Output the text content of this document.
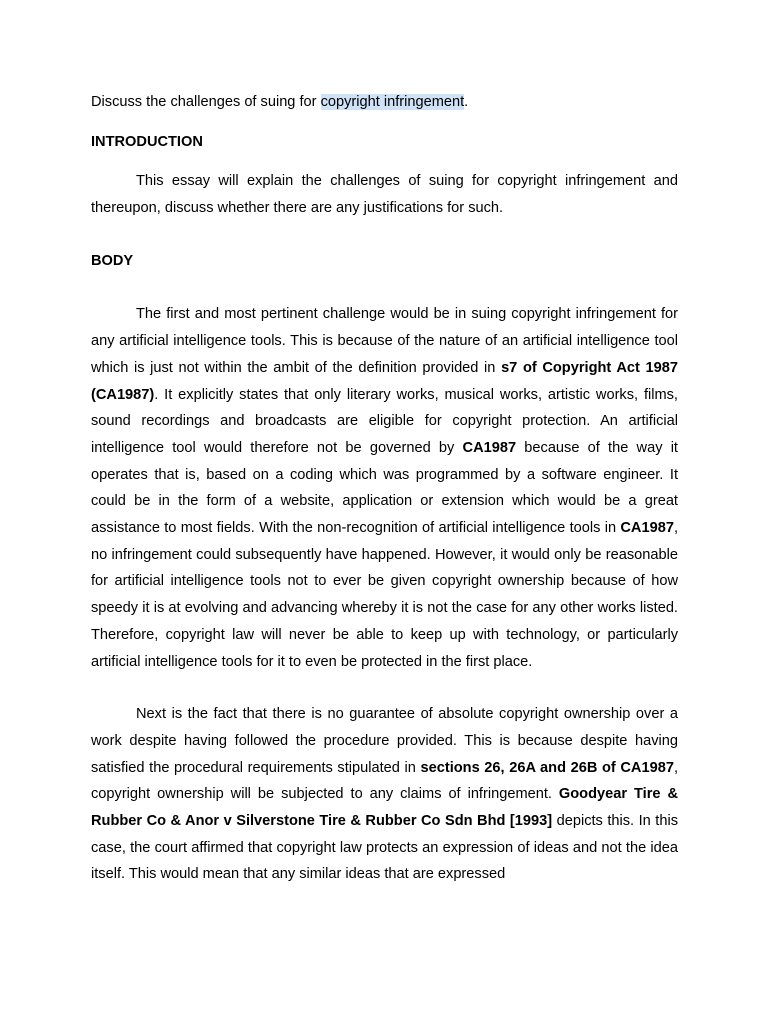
Discuss the challenges of suing for copyright infringement.

INTRODUCTION

This essay will explain the challenges of suing for copyright infringement and thereupon, discuss whether there are any justifications for such.

BODY

The first and most pertinent challenge would be in suing copyright infringement for any artificial intelligence tools. This is because of the nature of an artificial intelligence tool which is just not within the ambit of the definition provided in s7 of Copyright Act 1987 (CA1987). It explicitly states that only literary works, musical works, artistic works, films, sound recordings and broadcasts are eligible for copyright protection. An artificial intelligence tool would therefore not be governed by CA1987 because of the way it operates that is, based on a coding which was programmed by a software engineer. It could be in the form of a website, application or extension which would be a great assistance to most fields. With the non-recognition of artificial intelligence tools in CA1987, no infringement could subsequently have happened. However, it would only be reasonable for artificial intelligence tools not to ever be given copyright ownership because of how speedy it is at evolving and advancing whereby it is not the case for any other works listed. Therefore, copyright law will never be able to keep up with technology, or particularly artificial intelligence tools for it to even be protected in the first place.

Next is the fact that there is no guarantee of absolute copyright ownership over a work despite having followed the procedure provided. This is because despite having satisfied the procedural requirements stipulated in sections 26, 26A and 26B of CA1987, copyright ownership will be subjected to any claims of infringement. Goodyear Tire & Rubber Co & Anor v Silverstone Tire & Rubber Co Sdn Bhd [1993] depicts this. In this case, the court affirmed that copyright law protects an expression of ideas and not the idea itself. This would mean that any similar ideas that are expressed
